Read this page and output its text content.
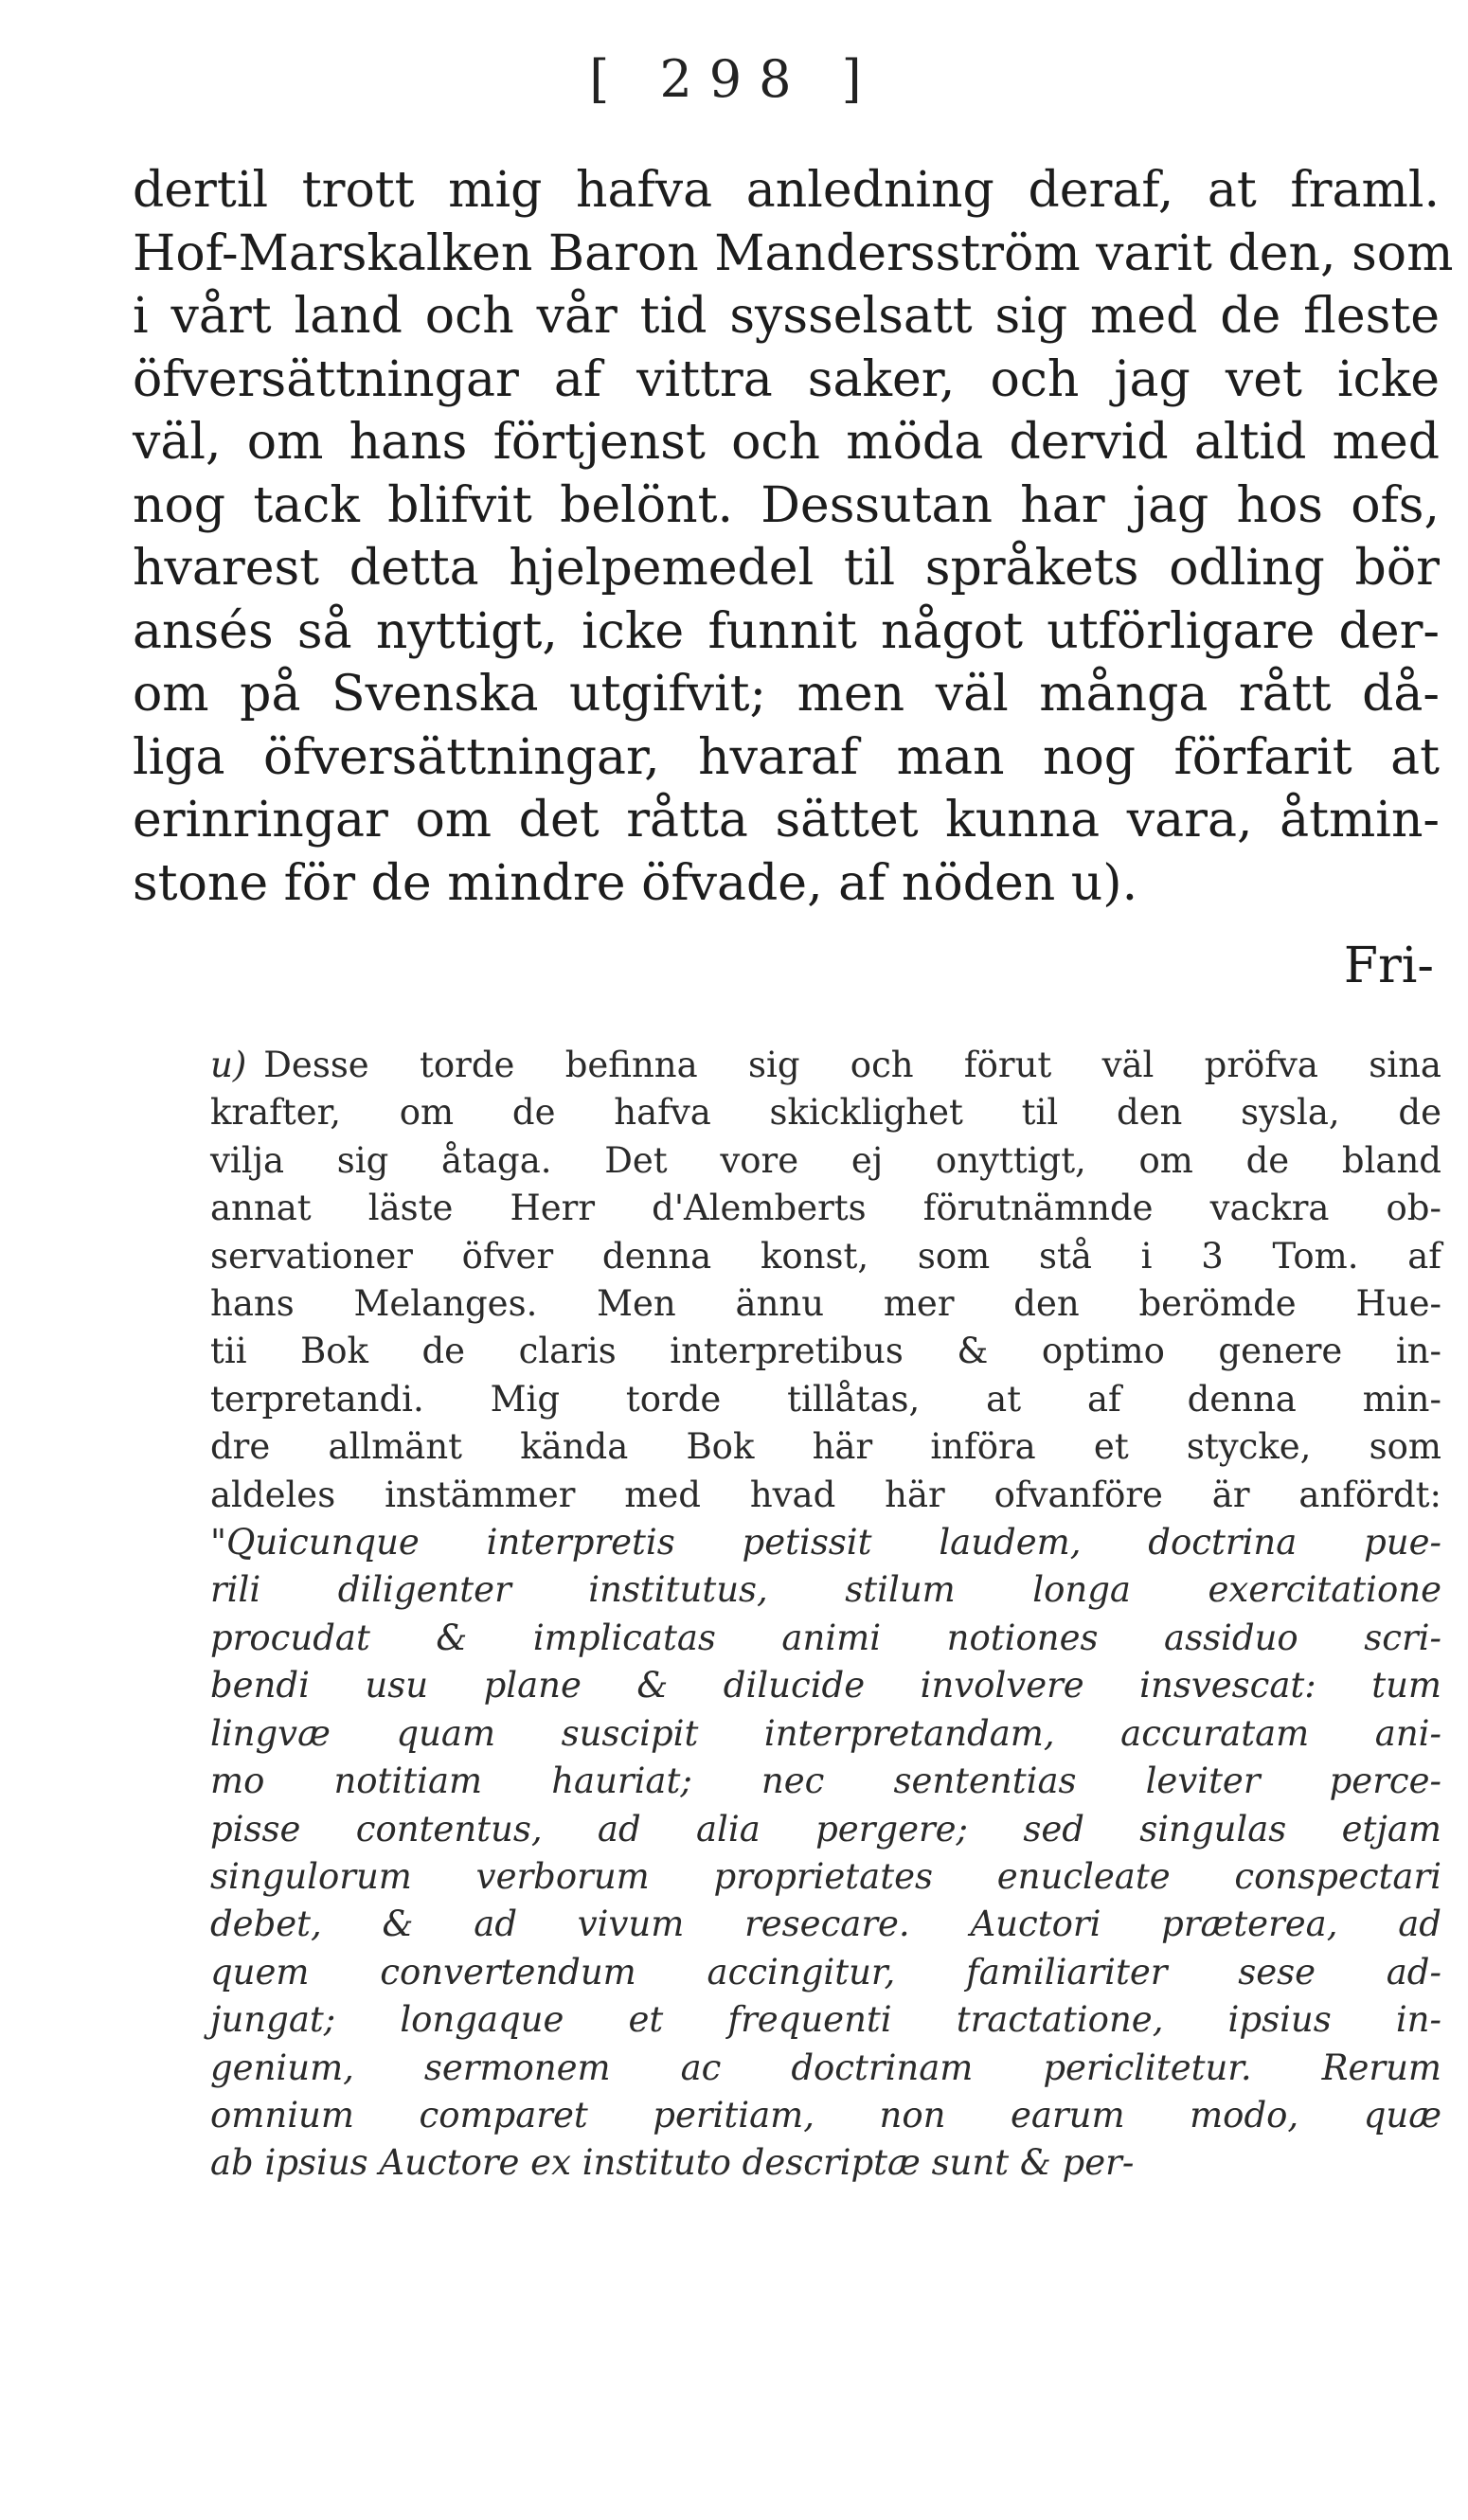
[ 298 ]
dertil trott mig hafva anledning deraf, at framl.
Hof-Marskalken Baron Mandersström varit den, som
i vårt land och vår tid sysselsatt sig med de fleste
öfversättningar af vittra saker, och jag vet icke
väl, om hans förtjenst och möda dervid altid med
nog tack blifvit belönt. Dessutan har jag hos ofs,
hvarest detta hjelpemedel til språkets odling bör
ansés så nyttigt, icke funnit något utförligare der-
om på Svenska utgifvit; men väl många rått då-
liga öfversättningar, hvaraf man nog förfarit at
erinringar om det råtta sättet kunna vara, åtmin-
stone för de mindre öfvade, af nöden u).
Fri-
u) Desse torde befinna sig och förut väl pröfva sina
krafter, om de hafva skicklighet til den sysla, de
vilja sig åtaga. Det vore ej onyttigt, om de bland
annat läste Herr d'Alemberts förutnämnde vackra ob-
servationer öfver denna konst, som stå i 3 Tom. af
hans Melanges. Men ännu mer den berömde Hue-
tii Bok de claris interpretibus & optimo genere in-
terpretandi. Mig torde tillåtas, at af denna min-
dre allmänt kända Bok här införa et stycke, som
aldeles instämmer med hvad här ofvanföre är anfördt:
"Quicunque interpretis petissit laudem, doctrina pue-
rili diligenter institutus, stilum longa exercitatione
procudat & implicatas animi notiones assiduo scri-
bendi usu plane & dilucide involvere insvescat: tum
lingvæ quam suscipit interpretandam, accuratam ani-
mo notitiam hauriat; nec sententias leviter perce-
pisse contentus, ad alia pergere; sed singulas etjam
singulorum verborum proprietates enucleate conspectari
debet, & ad vivum resecare. Auctori præterea, ad
quem convertendum accingitur, familiariter sese ad-
jungat; longaque et frequenti tractatione, ipsius in-
genium, sermonem ac doctrinam periclitetur. Rerum
omnium comparet peritiam, non earum modo, quæ
ab ipsius Auctore ex instituto descriptæ sunt & per-
